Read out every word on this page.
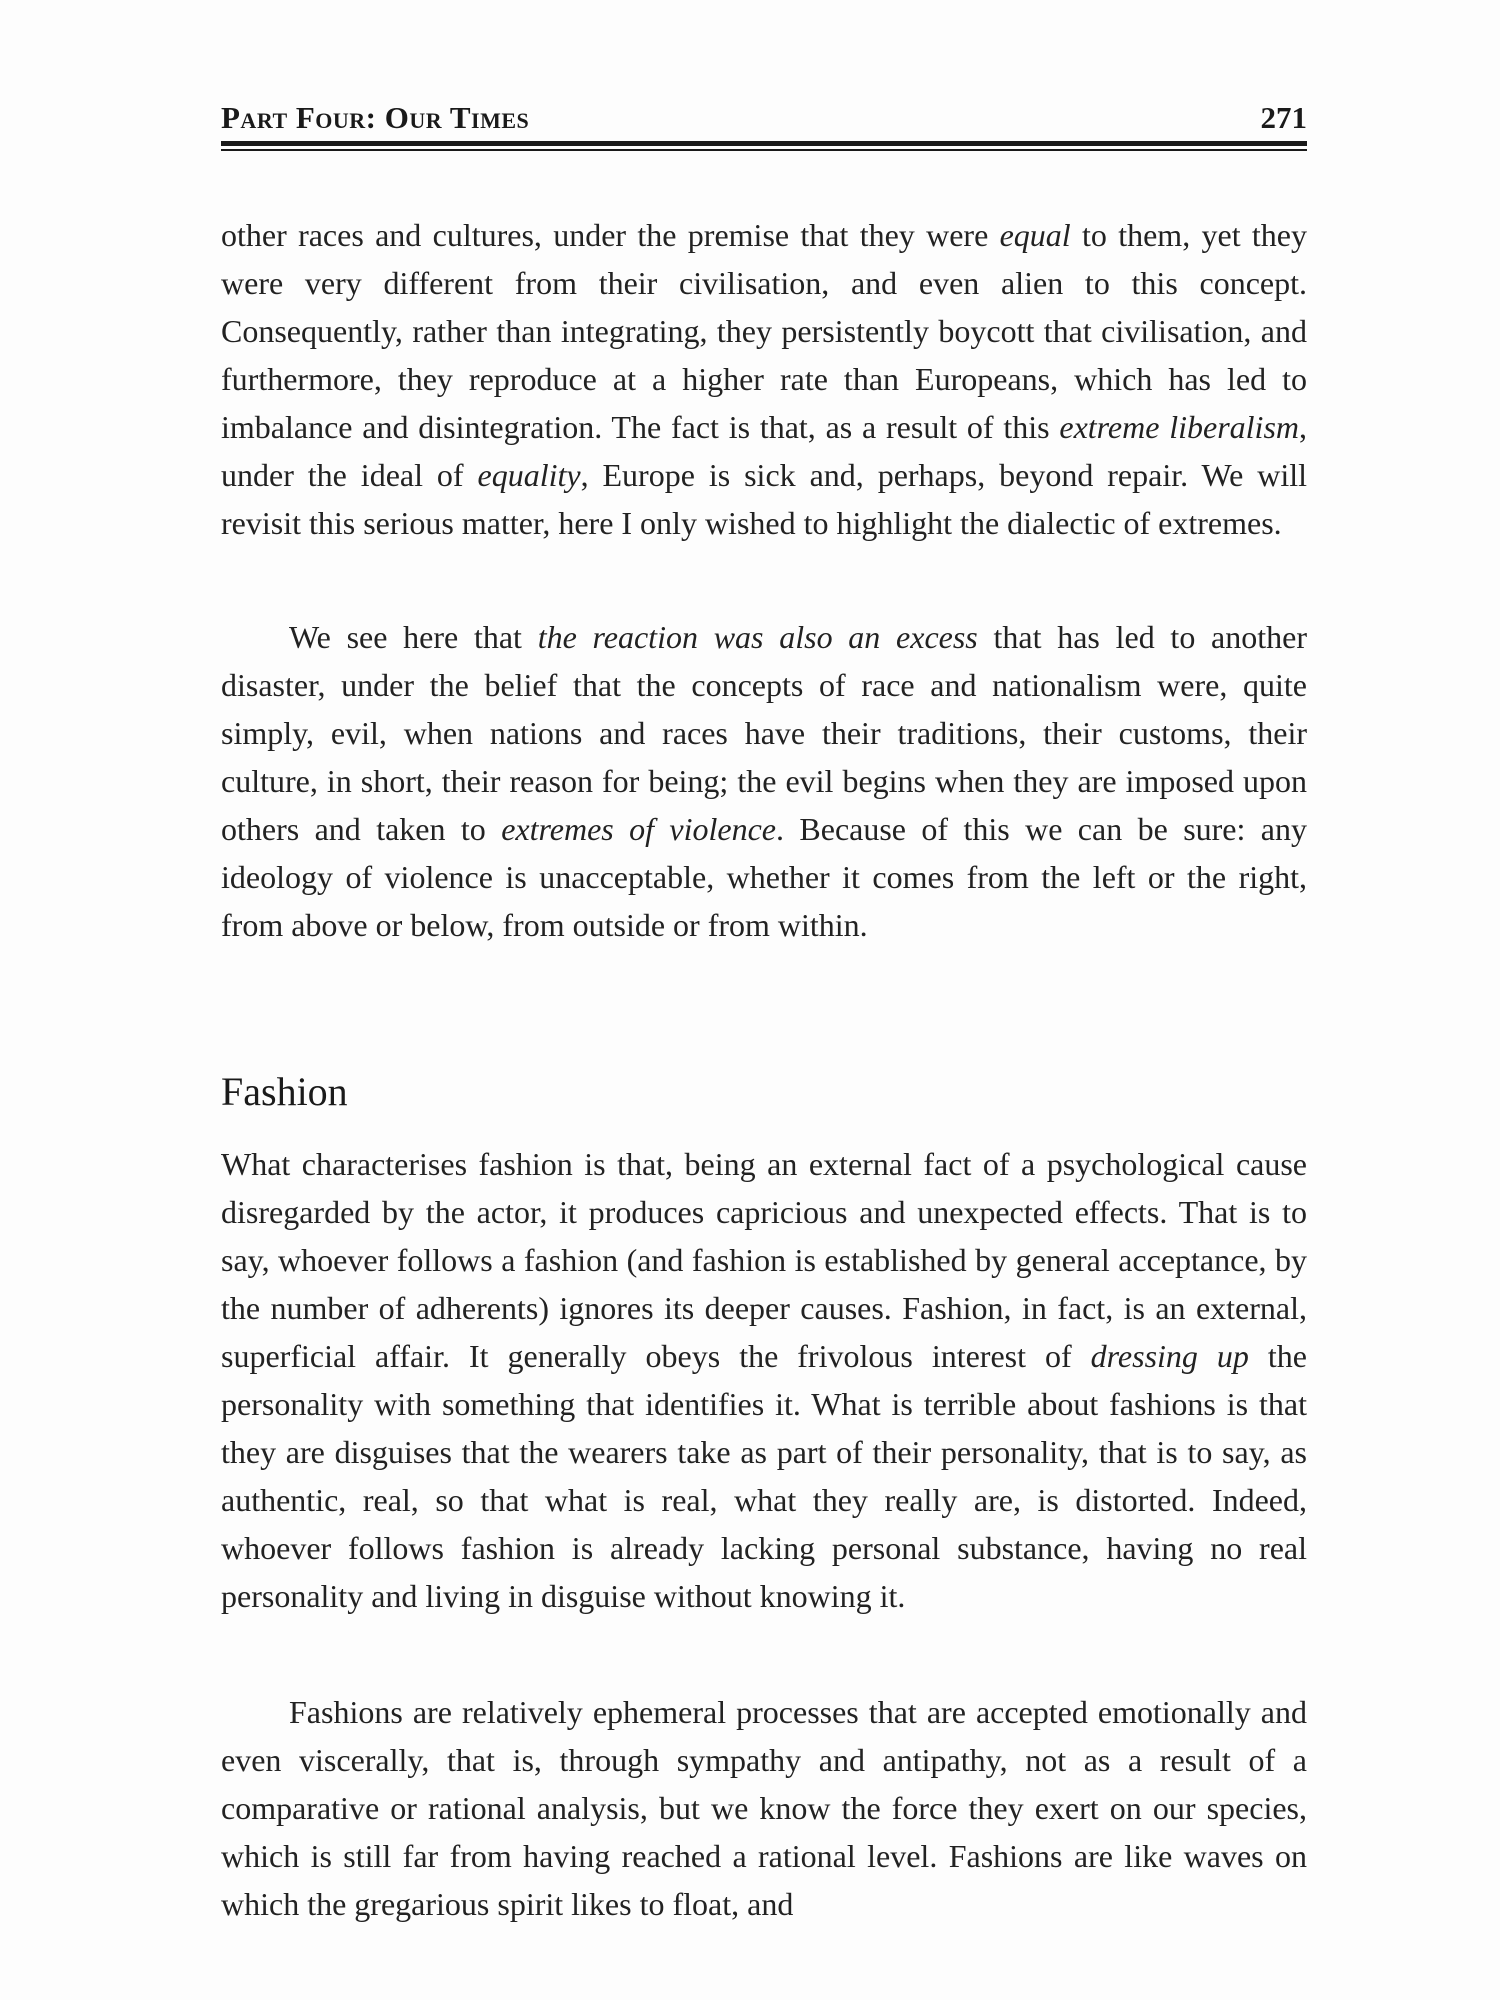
Part Four: Our Times	271

other races and cultures, under the premise that they were equal to them, yet they were very different from their civilisation, and even alien to this concept. Consequently, rather than integrating, they persistently boycott that civilisation, and furthermore, they reproduce at a higher rate than Europeans, which has led to imbalance and disintegration. The fact is that, as a result of this extreme liberalism, under the ideal of equality, Europe is sick and, perhaps, beyond repair. We will revisit this serious matter, here I only wished to highlight the dialectic of extremes.

We see here that the reaction was also an excess that has led to another disaster, under the belief that the concepts of race and nationalism were, quite simply, evil, when nations and races have their traditions, their customs, their culture, in short, their reason for being; the evil begins when they are imposed upon others and taken to extremes of violence. Because of this we can be sure: any ideology of violence is unacceptable, whether it comes from the left or the right, from above or below, from outside or from within.

Fashion

What characterises fashion is that, being an external fact of a psychological cause disregarded by the actor, it produces capricious and unexpected effects. That is to say, whoever follows a fashion (and fashion is established by general acceptance, by the number of adherents) ignores its deeper causes. Fashion, in fact, is an external, superficial affair. It generally obeys the frivolous interest of dressing up the personality with something that identifies it. What is terrible about fashions is that they are disguises that the wearers take as part of their personality, that is to say, as authentic, real, so that what is real, what they really are, is distorted. Indeed, whoever follows fashion is already lacking personal substance, having no real personality and living in disguise without knowing it.

Fashions are relatively ephemeral processes that are accepted emotionally and even viscerally, that is, through sympathy and antipathy, not as a result of a comparative or rational analysis, but we know the force they exert on our species, which is still far from having reached a rational level. Fashions are like waves on which the gregarious spirit likes to float, and
